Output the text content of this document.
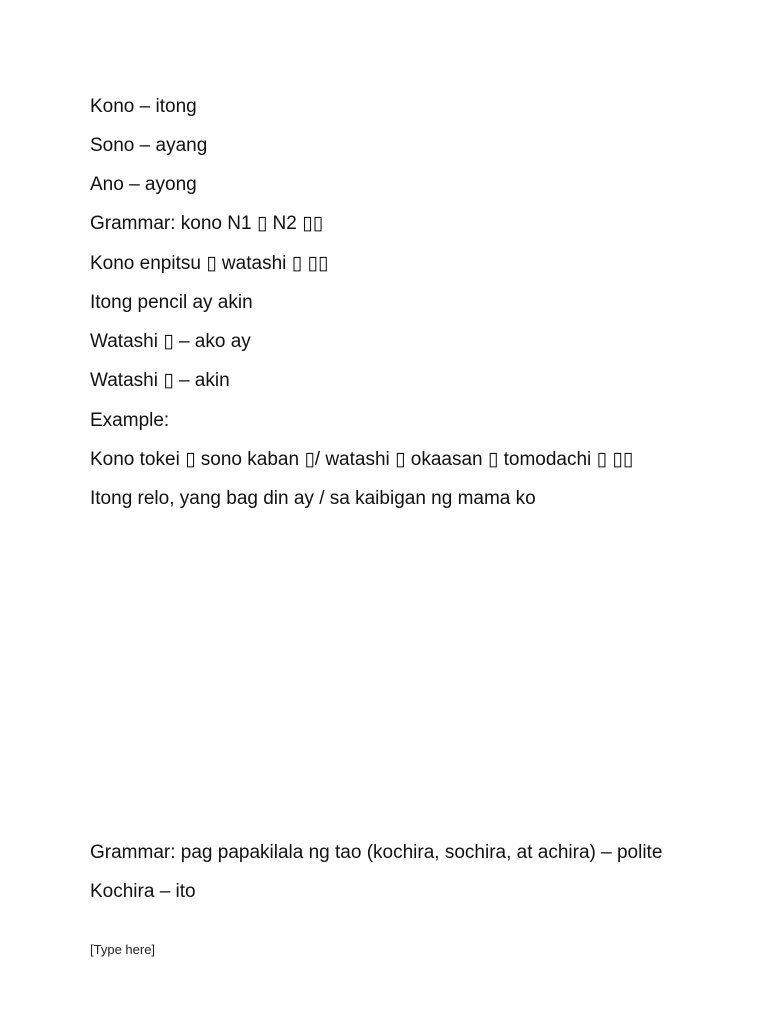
Kono – itong
Sono – ayang
Ano – ayong
Grammar: kono N1 ▯ N2 ▯▯
Kono enpitsu ▯ watashi ▯ ▯▯
Itong pencil ay akin
Watashi ▯ – ako ay
Watashi ▯ – akin
Example:
Kono tokei ▯ sono kaban ▯/ watashi ▯ okaasan ▯ tomodachi ▯ ▯▯
Itong relo, yang bag din ay / sa kaibigan ng mama ko
Grammar: pag papakilala ng tao (kochira, sochira, at achira) – polite
Kochira – ito
[Type here]
